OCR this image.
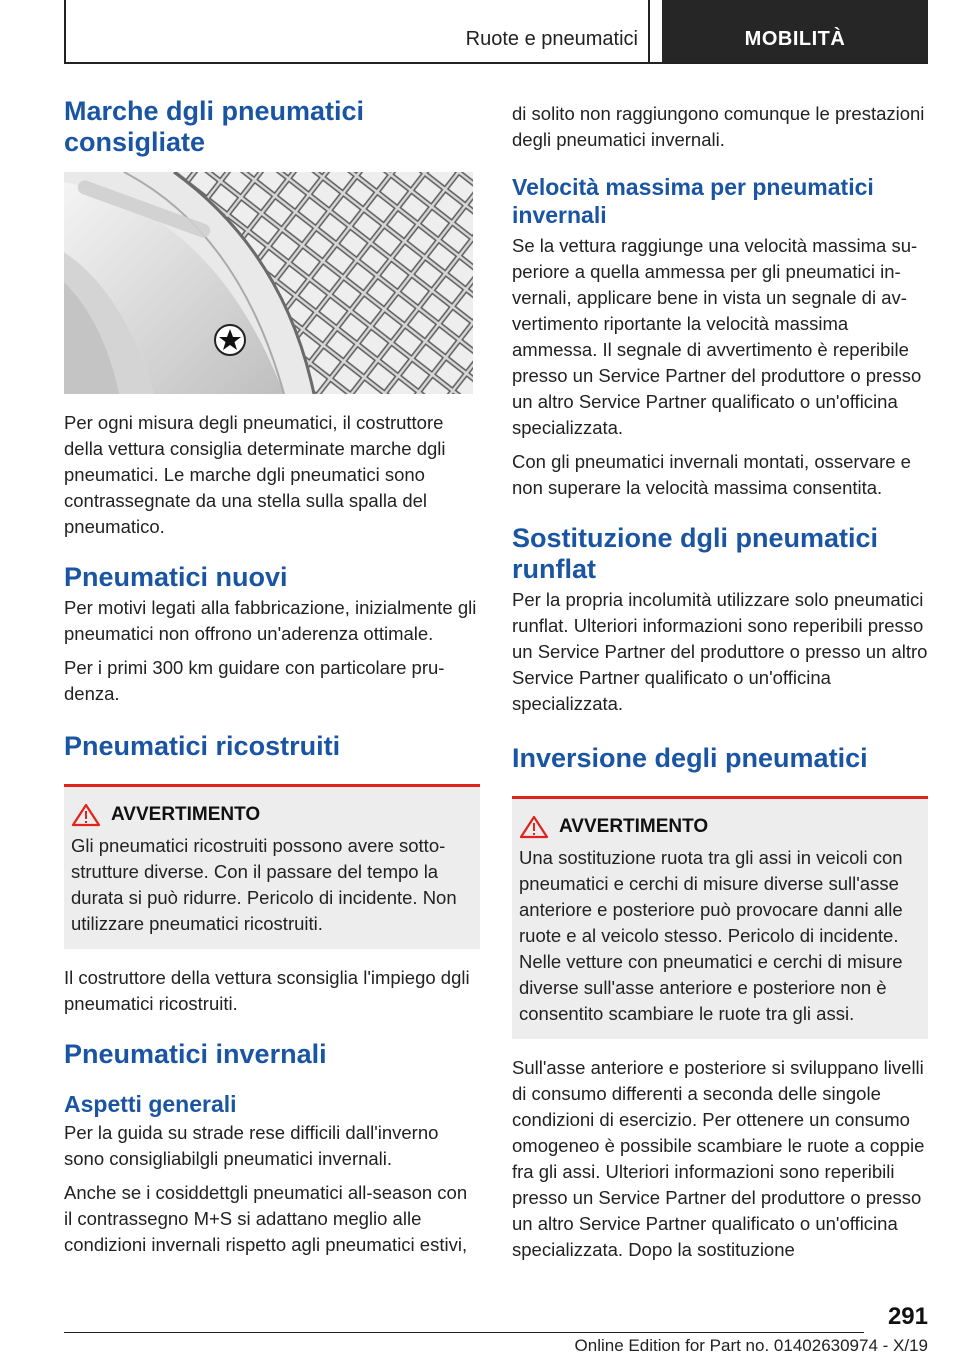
Ruote e pneumatici	MOBILITÀ
Marche dgli pneumatici consigliate

Per ogni misura degli pneumatici, il costruttore della vettura consiglia determinate marche dgli pneumatici. Le marche dgli pneumatici sono contrassegnate da una stella sulla spalla del pneumatico.

Pneumatici nuovi

Per motivi legati alla fabbricazione, inizialmente gli pneumatici non offrono un'aderenza ottimale.

Per i primi 300 km guidare con particolare prudenza.

Pneumatici ricostruiti
AVVERTIMENTO

Gli pneumatici ricostruiti possono avere sottostrutture diverse. Con il passare del tempo la durata si può ridurre. Pericolo di incidente. Non utilizzare pneumatici ricostruiti.

Il costruttore della vettura sconsiglia l'impiego dgli pneumatici ricostruiti.

Pneumatici invernali
Aspetti generali

Per la guida su strade rese difficili dall'inverno sono consigliabilgli pneumatici invernali.

Anche se i cosiddettgli pneumatici all-season con il contrassegno M+S si adattano meglio alle condizioni invernali rispetto agli pneumatici estivi,

di solito non raggiungono comunque le prestazioni degli pneumatici invernali.

Velocità massima per pneumatici invernali

Se la vettura raggiunge una velocità massima superiore a quella ammessa per gli pneumatici invernali, applicare bene in vista un segnale di avvertimento riportante la velocità massima ammessa. Il segnale di avvertimento è reperibile presso un Service Partner del produttore o presso un altro Service Partner qualificato o un'officina specializzata.

Con gli pneumatici invernali montati, osservare e non superare la velocità massima consentita.

Sostituzione dgli pneumatici runflat

Per la propria incolumità utilizzare solo pneumatici runflat. Ulteriori informazioni sono reperibili presso un Service Partner del produttore o presso un altro Service Partner qualificato o un'officina specializzata.

Inversione degli pneumatici
AVVERTIMENTO

Una sostituzione ruota tra gli assi in veicoli con pneumatici e cerchi di misure diverse sull'asse anteriore e posteriore può provocare danni alle ruote e al veicolo stesso. Pericolo di incidente. Nelle vetture con pneumatici e cerchi di misure diverse sull'asse anteriore e posteriore non è consentito scambiare le ruote tra gli assi.

Sull'asse anteriore e posteriore si sviluppano livelli di consumo differenti a seconda delle singole condizioni di esercizio. Per ottenere un consumo omogeneo è possibile scambiare le ruote a coppie fra gli assi. Ulteriori informazioni sono reperibili presso un Service Partner del produttore o presso un altro Service Partner qualificato o un'officina specializzata. Dopo la sostituzione

291
Online Edition for Part no. 01402630974 - X/19
